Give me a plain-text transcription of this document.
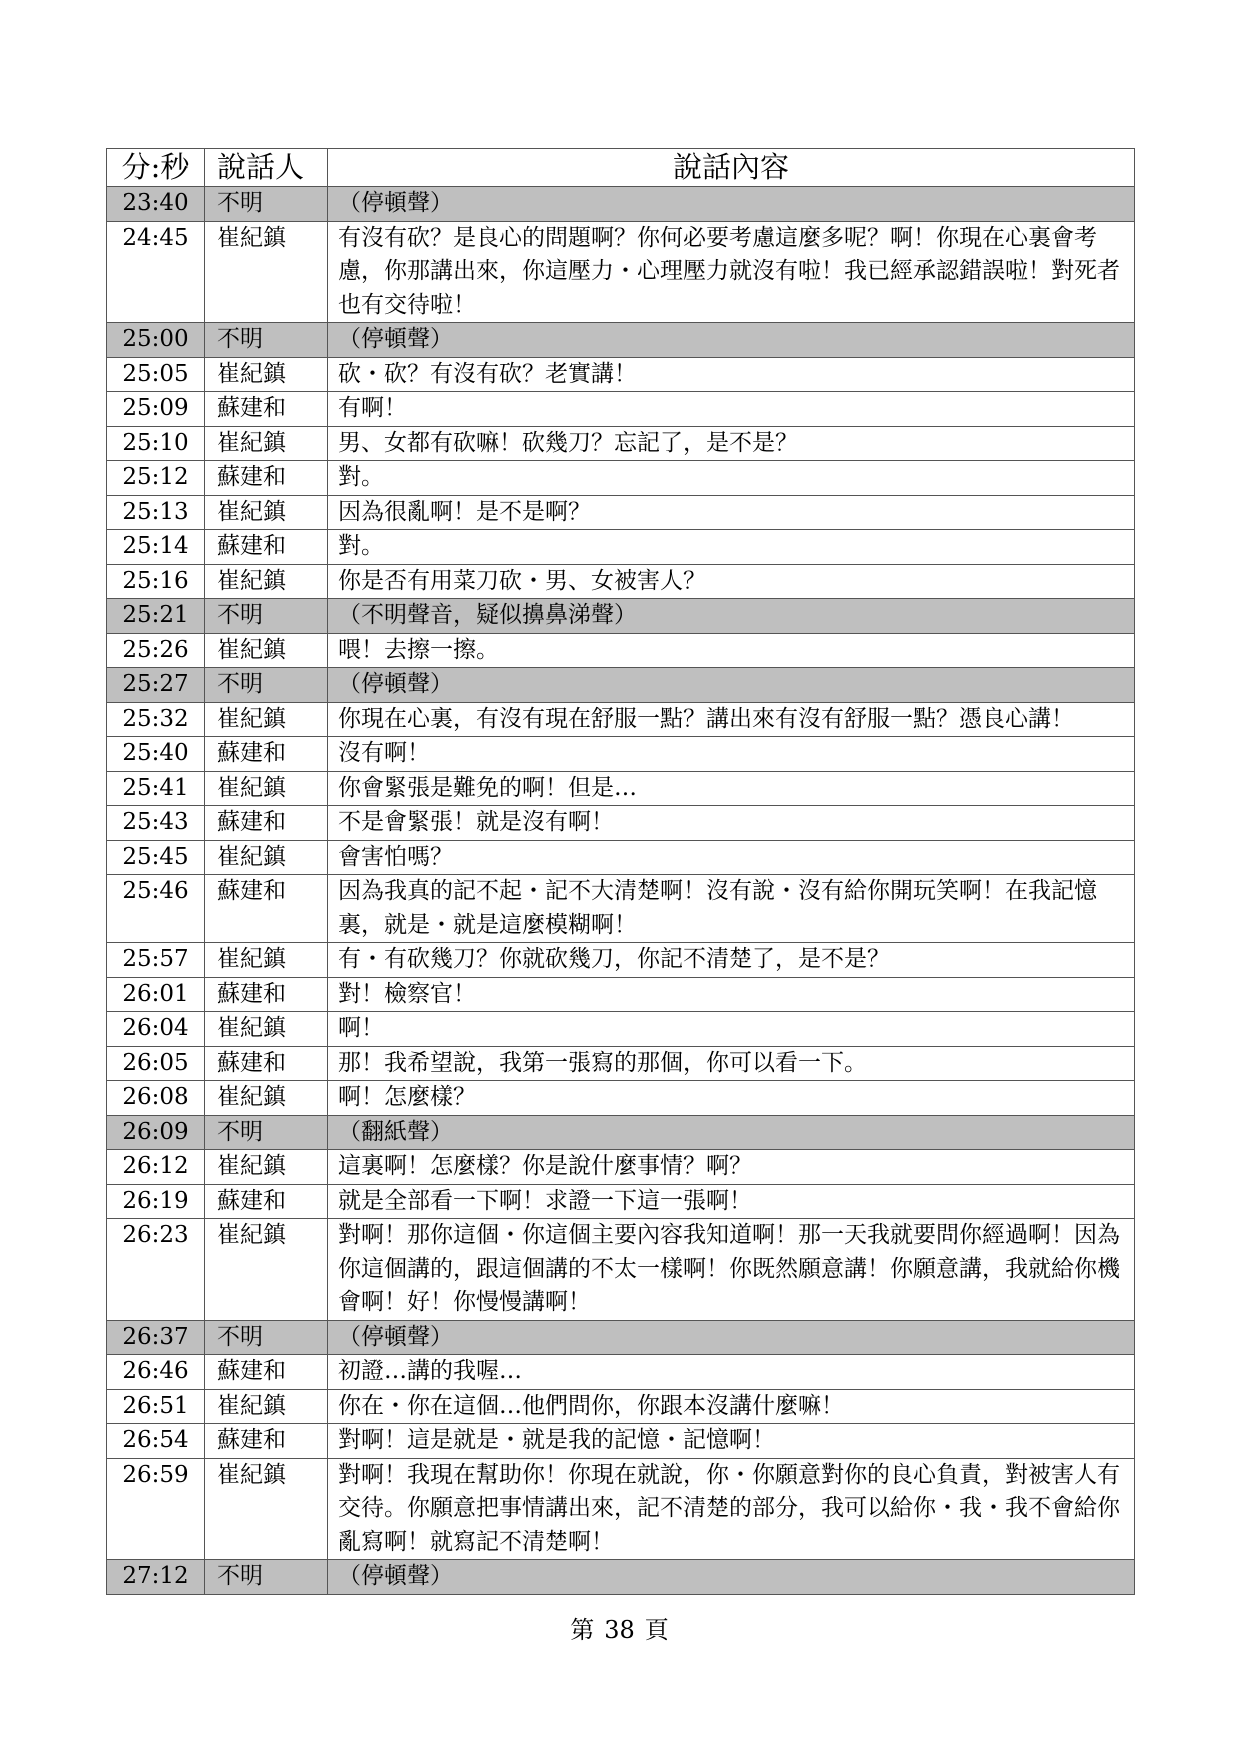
分:秒	說話人	說話內容
23:40	不明	（停頓聲）
24:45	崔紀鎮	有沒有砍？是良心的問題啊？你何必要考慮這麼多呢？啊！你現在心裏會考慮，你那講出來，你這壓力・心理壓力就沒有啦！我已經承認錯誤啦！對死者也有交待啦！
25:00	不明	（停頓聲）
25:05	崔紀鎮	砍・砍？有沒有砍？老實講！
25:09	蘇建和	有啊！
25:10	崔紀鎮	男、女都有砍嘛！砍幾刀？忘記了，是不是？
25:12	蘇建和	對。
25:13	崔紀鎮	因為很亂啊！是不是啊？
25:14	蘇建和	對。
25:16	崔紀鎮	你是否有用菜刀砍・男、女被害人？
25:21	不明	（不明聲音，疑似擤鼻涕聲）
25:26	崔紀鎮	喂！去擦一擦。
25:27	不明	（停頓聲）
25:32	崔紀鎮	你現在心裏，有沒有現在舒服一點？講出來有沒有舒服一點？憑良心講！
25:40	蘇建和	沒有啊！
25:41	崔紀鎮	你會緊張是難免的啊！但是…
25:43	蘇建和	不是會緊張！就是沒有啊！
25:45	崔紀鎮	會害怕嗎？
25:46	蘇建和	因為我真的記不起・記不大清楚啊！沒有說・沒有給你開玩笑啊！在我記憶裏，就是・就是這麼模糊啊！
25:57	崔紀鎮	有・有砍幾刀？你就砍幾刀，你記不清楚了，是不是？
26:01	蘇建和	對！檢察官！
26:04	崔紀鎮	啊！
26:05	蘇建和	那！我希望說，我第一張寫的那個，你可以看一下。
26:08	崔紀鎮	啊！怎麼樣？
26:09	不明	（翻紙聲）
26:12	崔紀鎮	這裏啊！怎麼樣？你是說什麼事情？啊？
26:19	蘇建和	就是全部看一下啊！求證一下這一張啊！
26:23	崔紀鎮	對啊！那你這個・你這個主要內容我知道啊！那一天我就要問你經過啊！因為你這個講的，跟這個講的不太一樣啊！你既然願意講！你願意講，我就給你機會啊！好！你慢慢講啊！
26:37	不明	（停頓聲）
26:46	蘇建和	初證…講的我喔…
26:51	崔紀鎮	你在・你在這個…他們問你，你跟本沒講什麼嘛！
26:54	蘇建和	對啊！這是就是・就是我的記憶・記憶啊！
26:59	崔紀鎮	對啊！我現在幫助你！你現在就說，你・你願意對你的良心負責，對被害人有交待。你願意把事情講出來，記不清楚的部分，我可以給你・我・我不會給你亂寫啊！就寫記不清楚啊！
27:12	不明	（停頓聲）
第 38 頁
